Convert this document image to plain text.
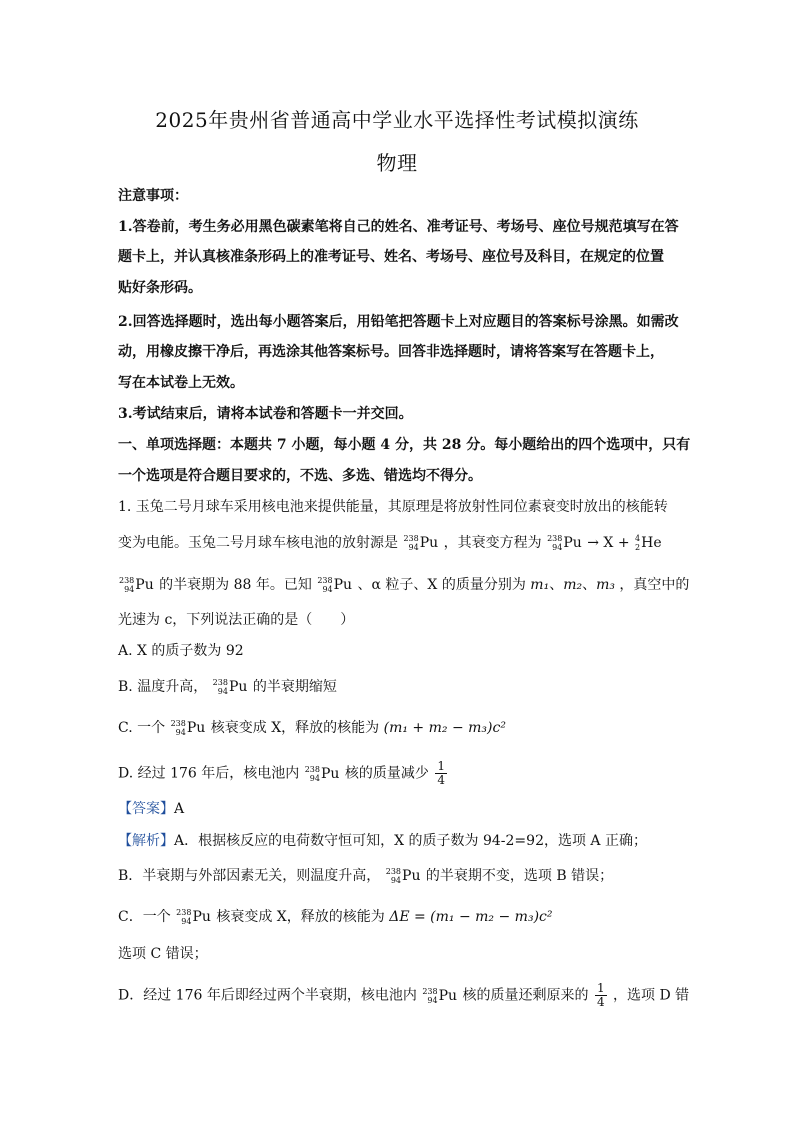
2025年贵州省普通高中学业水平选择性考试模拟演练
物理
注意事项：
1.答卷前，考生务必用黑色碳素笔将自己的姓名、准考证号、考场号、座位号规范填写在答
题卡上，并认真核准条形码上的准考证号、姓名、考场号、座位号及科目，在规定的位置
贴好条形码。
2.回答选择题时，选出每小题答案后，用铅笔把答题卡上对应题目的答案标号涂黑。如需改
动，用橡皮擦干净后，再选涂其他答案标号。回答非选择题时，请将答案写在答题卡上，
写在本试卷上无效。
3.考试结束后，请将本试卷和答题卡一并交回。
一、单项选择题：本题共 7 小题，每小题 4 分，共 28 分。每小题给出的四个选项中，只有
一个选项是符合题目要求的，不选、多选、错选均不得分。
1. 玉兔二号月球车采用核电池来提供能量，其原理是将放射性同位素衰变时放出的核能转
变为电能。玉兔二号月球车核电池的放射源是 238
94 Pu ，其衰变方程为 238
94 Pu → X + 4
2 He
238
94 Pu 的半衰期为 88 年。已知 238
94 Pu 、α 粒子、X 的质量分别为 m₁、m₂、m₃ ，真空中的
光速为 c，下列说法正确的是（　　）
A. X 的质子数为 92
B. 温度升高， 238
94 Pu 的半衰期缩短
C. 一个 238
94 Pu 核衰变成 X，释放的核能为 (m₁ + m₂ − m₃)c²
D. 经过 176 年后，核电池内 238
94 Pu 核的质量减少 $\frac{1}{4}$
【答案】A
【解析】A．根据核反应的电荷数守恒可知，X 的质子数为 94-2=92，选项 A 正确；
B．半衰期与外部因素无关，则温度升高， 238
94 Pu 的半衰期不变，选项 B 错误；
C．一个 238
94 Pu 核衰变成 X，释放的核能为 ΔE = (m₁ − m₂ − m₃)c²
选项 C 错误；
D．经过 176 年后即经过两个半衰期，核电池内 238
94 Pu 核的质量还剩原来的 $\frac{1}{4}$ ，选项 D 错
